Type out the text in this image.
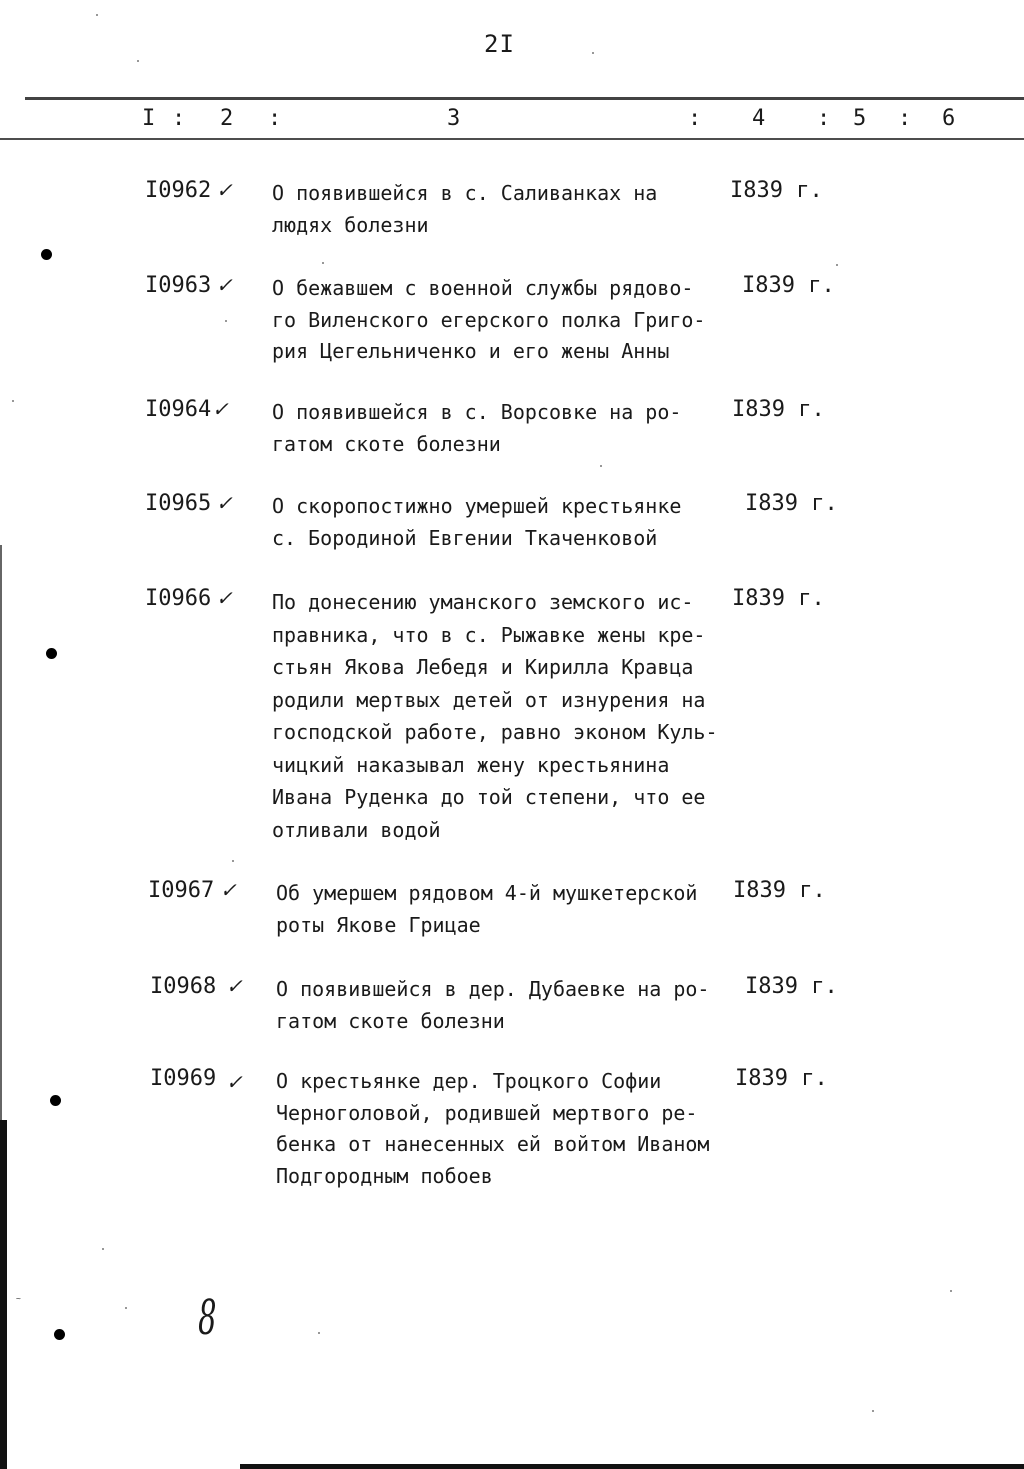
2I
I : 2 :	3	: 4 : 5 : 6
I0962 ✓ О появившейся в с. Саливанках на
людях болезни
I839 г.
I0963 ✓ О бежавшем с военной службы рядово-
го Виленского егерского полка Григо-
рия Цегельниченко и его жены Анны
I839 г.
I0964 ✓ О появившейся в с. Ворсовке на ро-
гатом скоте болезни
I839 г.
I0965 ✓ О скоропостижно умершей крестьянке
с. Бородиной Евгении Ткаченковой
I839 г.
I0966 ✓ По донесению уманского земского ис-
правника, что в с. Рыжавке жены кре-
стьян Якова Лебедя и Кирилла Кравца
родили мертвых детей от изнурения на
господской работе, равно эконом Куль-
чицкий наказывал жену крестьянина
Ивана Руденка до той степени, что ее
отливали водой
I839 г.
I0967 ✓ Об умершем рядовом 4-й мушкетерской
роты Якове Грицае
I839 г.
I0968 ✓ О появившейся в дер. Дубаевке на ро-
гатом скоте болезни
I839 г.
I0969 ✓ О крестьянке дер. Троцкого Софии
Черноголовой, родившей мертвого ре-
бенка от нанесенных ей войтом Иваном
Подгородным побоев
I839 г.
8
~
